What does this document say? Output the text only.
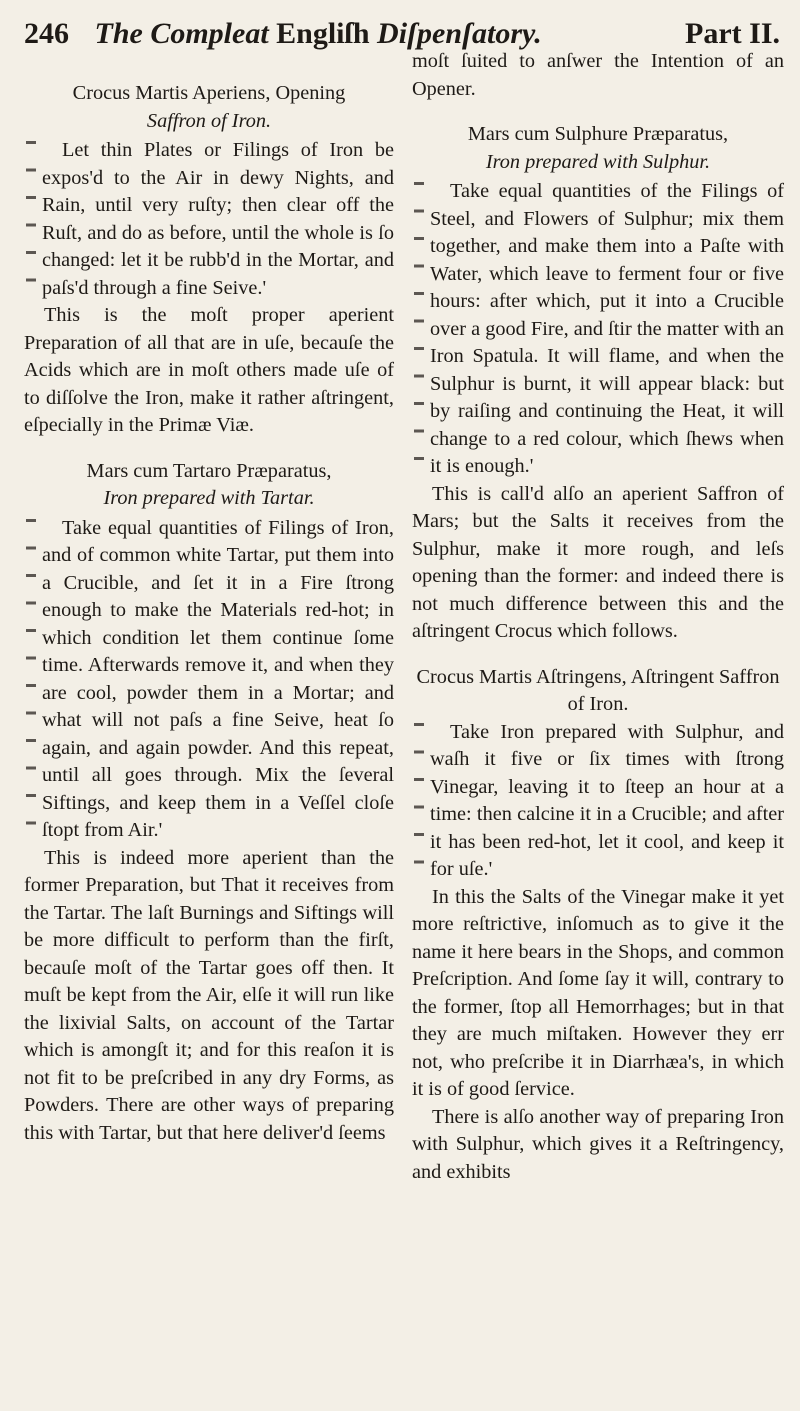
246 The Compleat Engliſh Diſpenſatory.	Part II.

Crocus Martis Aperiens, Opening

Saffron of Iron.

Let thin Plates or Filings of Iron be expos'd to the Air in dewy Nights, and Rain, until very ruſty; then clear off the Ruſt, and do as before, until the whole is ſo changed: let it be rubb'd in the Mortar, and paſs'd through a fine Seive.'

This is the moſt proper aperient Preparation of all that are in uſe, becauſe the Acids which are in moſt others made uſe of to diſſolve the Iron, make it rather aſtringent, eſpecially in the Primæ Viæ.

Mars cum Tartaro Præparatus,

Iron prepared with Tartar.

Take equal quantities of Filings of Iron, and of common white Tartar, put them into a Crucible, and ſet it in a Fire ſtrong enough to make the Materials red-hot; in which condition let them continue ſome time. Afterwards remove it, and when they are cool, powder them in a Mortar; and what will not paſs a fine Seive, heat ſo again, and again powder. And this repeat, until all goes through. Mix the ſeveral Siftings, and keep them in a Veſſel cloſe ſtopt from Air.'

This is indeed more aperient than the former Preparation, but That it receives from the Tartar. The laſt Burnings and Siftings will be more difficult to perform than the firſt, becauſe moſt of the Tartar goes off then. It muſt be kept from the Air, elſe it will run like the lixivial Salts, on account of the Tartar which is amongſt it; and for this reaſon it is not fit to be preſcribed in any dry Forms, as Powders. There are other ways of preparing this with Tartar, but that here deliver'd ſeems

moſt ſuited to anſwer the Intention of an Opener.

Mars cum Sulphure Præparatus,

Iron prepared with Sulphur.

Take equal quantities of the Filings of Steel, and Flowers of Sulphur; mix them together, and make them into a Paſte with Water, which leave to ferment four or five hours: after which, put it into a Crucible over a good Fire, and ſtir the matter with an Iron Spatula. It will flame, and when the Sulphur is burnt, it will appear black: but by raiſing and continuing the Heat, it will change to a red colour, which ſhews when it is enough.'

This is call'd alſo an aperient Saffron of Mars; but the Salts it receives from the Sulphur, make it more rough, and leſs opening than the former: and indeed there is not much difference between this and the aſtringent Crocus which follows.

Crocus Martis Aſtringens, Aſtringent Saffron of Iron.

Take Iron prepared with Sulphur, and waſh it five or ſix times with ſtrong Vinegar, leaving it to ſteep an hour at a time: then calcine it in a Crucible; and after it has been red-hot, let it cool, and keep it for uſe.'

In this the Salts of the Vinegar make it yet more reſtrictive, inſomuch as to give it the name it here bears in the Shops, and common Preſcription. And ſome ſay it will, contrary to the former, ſtop all Hemorrhages; but in that they are much miſtaken. However they err not, who preſcribe it in Diarrhæa's, in which it is of good ſervice.

There is alſo another way of preparing Iron with Sulphur, which gives it a Reſtringency, and exhibits
